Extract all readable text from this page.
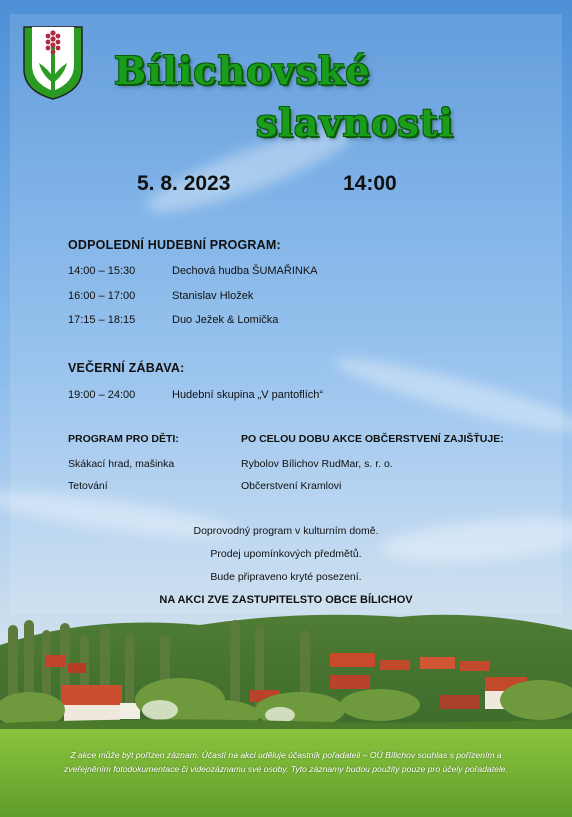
Bílichovské
slavnosti
5. 8. 2023	14:00
ODPOLEDNÍ HUDEBNÍ PROGRAM:
14:00 – 15:30	Dechová hudba ŠUMAŘINKA
16:00 – 17:00	Stanislav Hložek
17:15 – 18:15	Duo Ježek & Lomička
VEČERNÍ ZÁBAVA:
19:00 – 24:00	Hudební skupina „V pantoflích“
PROGRAM PRO DĚTI:
Skákací hrad, mašinka
Tetování
PO CELOU DOBU AKCE OBČERSTVENÍ ZAJIŠŤUJE:
Rybolov Bílichov RudMar, s. r. o.
Občerstvení Kramlovi
Doprovodný program v kulturním domě.
Prodej upomínkových předmětů.
Bude připraveno kryté posezení.
NA AKCI ZVE ZASTUPITELSTO OBCE BÍLICHOV
Z akce může být pořízen záznam. Účastí na akci uděluje účastník pořadateli – OÚ Bílichov souhlas s pořízením a
zveřejněním fotodokumentace či videozáznamu své osoby. Tyto záznamy budou použity pouze pro účely pořadatele.
